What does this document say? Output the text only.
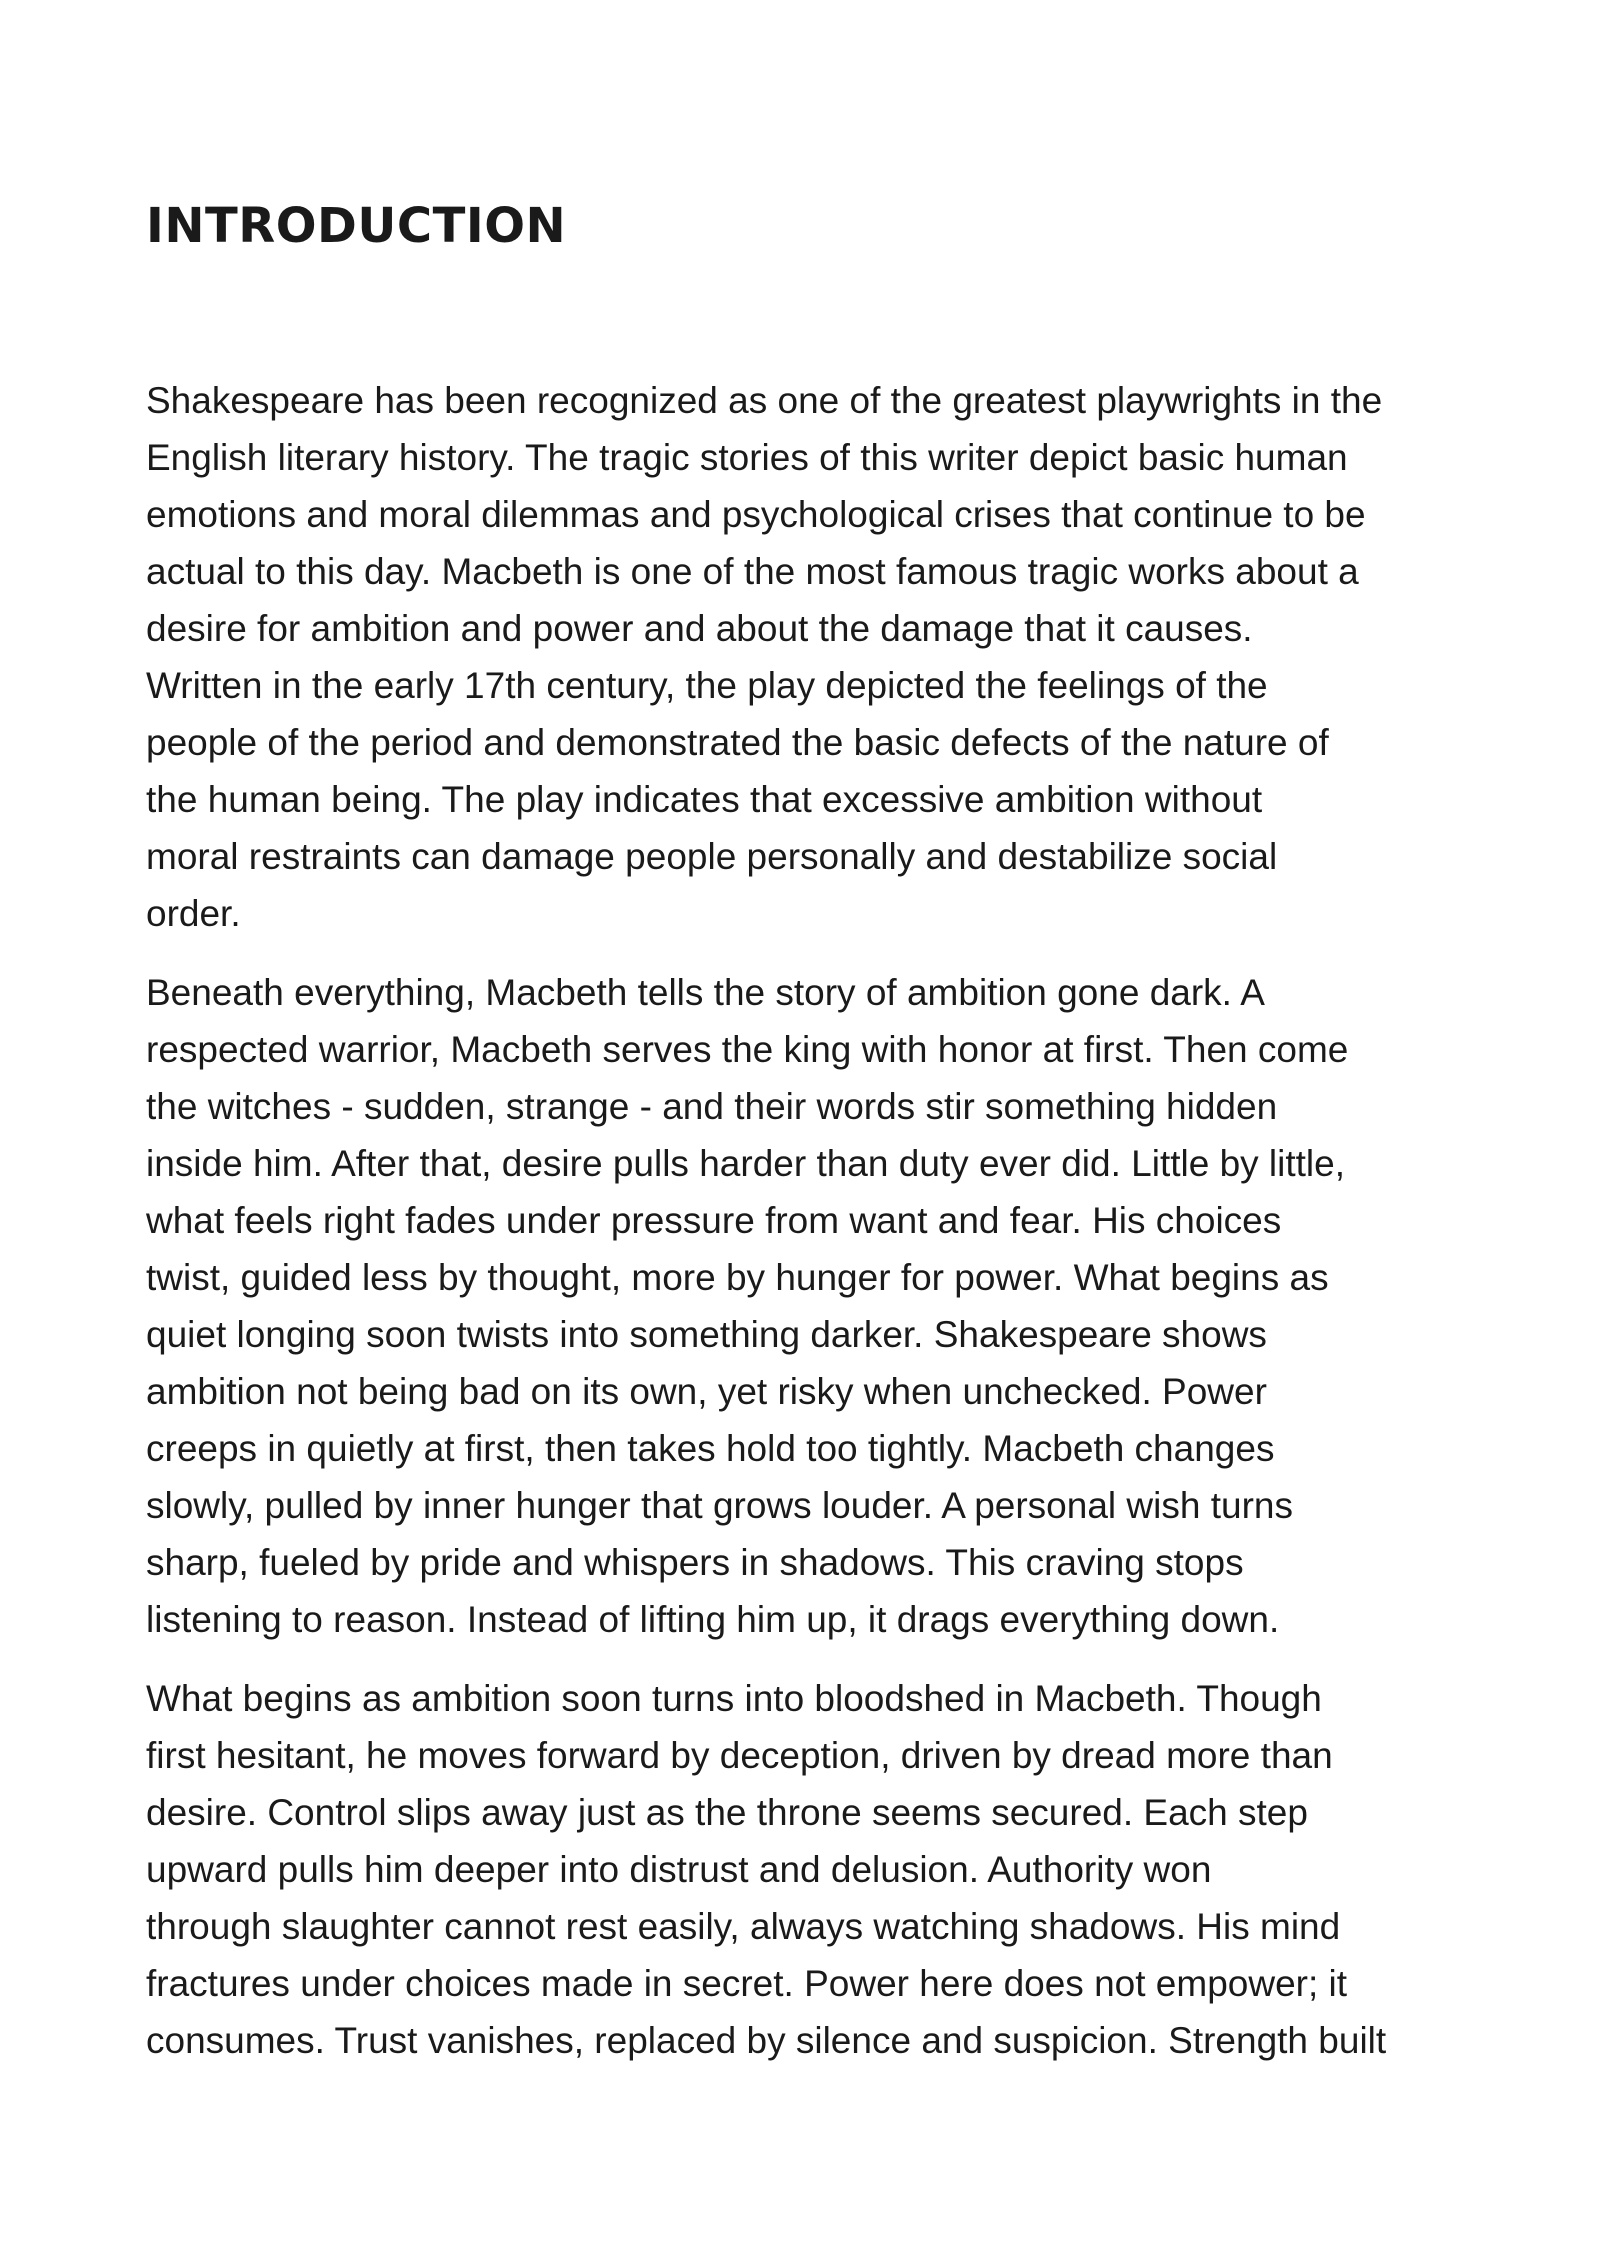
INTRODUCTION
Shakespeare has been recognized as one of the greatest playwrights in the
English literary history. The tragic stories of this writer depict basic human
emotions and moral dilemmas and psychological crises that continue to be
actual to this day. Macbeth is one of the most famous tragic works about a
desire for ambition and power and about the damage that it causes.
Written in the early 17th century, the play depicted the feelings of the
people of the period and demonstrated the basic defects of the nature of
the human being. The play indicates that excessive ambition without
moral restraints can damage people personally and destabilize social
order.
Beneath everything, Macbeth tells the story of ambition gone dark. A
respected warrior, Macbeth serves the king with honor at first. Then come
the witches - sudden, strange - and their words stir something hidden
inside him. After that, desire pulls harder than duty ever did. Little by little,
what feels right fades under pressure from want and fear. His choices
twist, guided less by thought, more by hunger for power. What begins as
quiet longing soon twists into something darker. Shakespeare shows
ambition not being bad on its own, yet risky when unchecked. Power
creeps in quietly at first, then takes hold too tightly. Macbeth changes
slowly, pulled by inner hunger that grows louder. A personal wish turns
sharp, fueled by pride and whispers in shadows. This craving stops
listening to reason. Instead of lifting him up, it drags everything down.
What begins as ambition soon turns into bloodshed in Macbeth. Though
first hesitant, he moves forward by deception, driven by dread more than
desire. Control slips away just as the throne seems secured. Each step
upward pulls him deeper into distrust and delusion. Authority won
through slaughter cannot rest easily, always watching shadows. His mind
fractures under choices made in secret. Power here does not empower; it
consumes. Trust vanishes, replaced by silence and suspicion. Strength built
